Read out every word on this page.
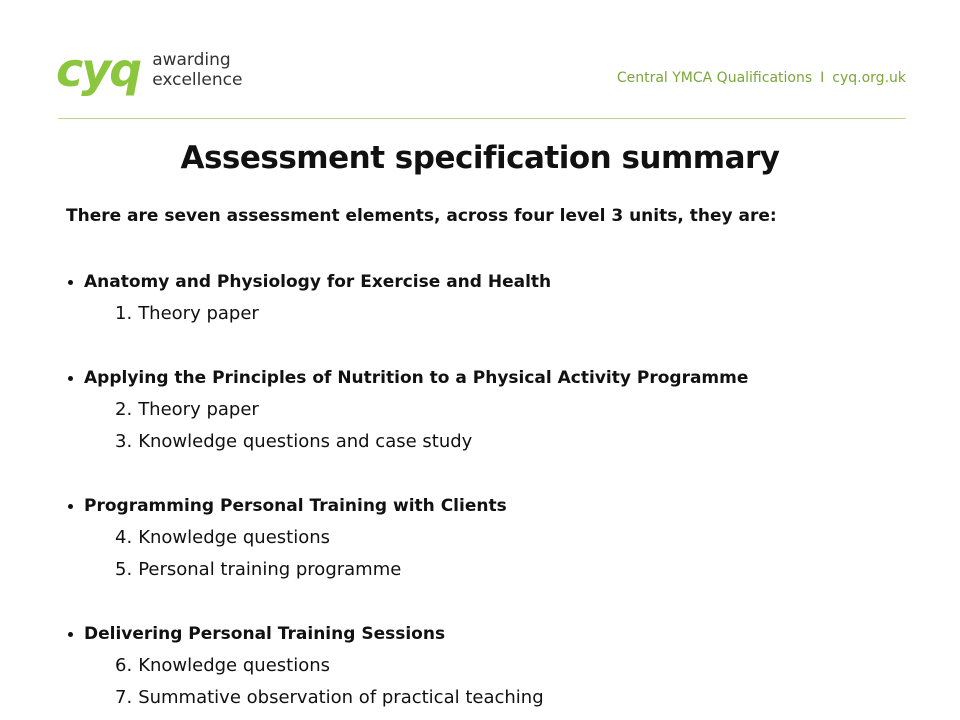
cyq awarding
excellence	Central YMCA Qualifications I cyq.org.uk
Assessment specification summary
There are seven assessment elements, across four level 3 units, they are:
Anatomy and Physiology for Exercise and Health
1. Theory paper
Applying the Principles of Nutrition to a Physical Activity Programme
2. Theory paper
3. Knowledge questions and case study
Programming Personal Training with Clients
4. Knowledge questions
5. Personal training programme
Delivering Personal Training Sessions
6. Knowledge questions
7. Summative observation of practical teaching
